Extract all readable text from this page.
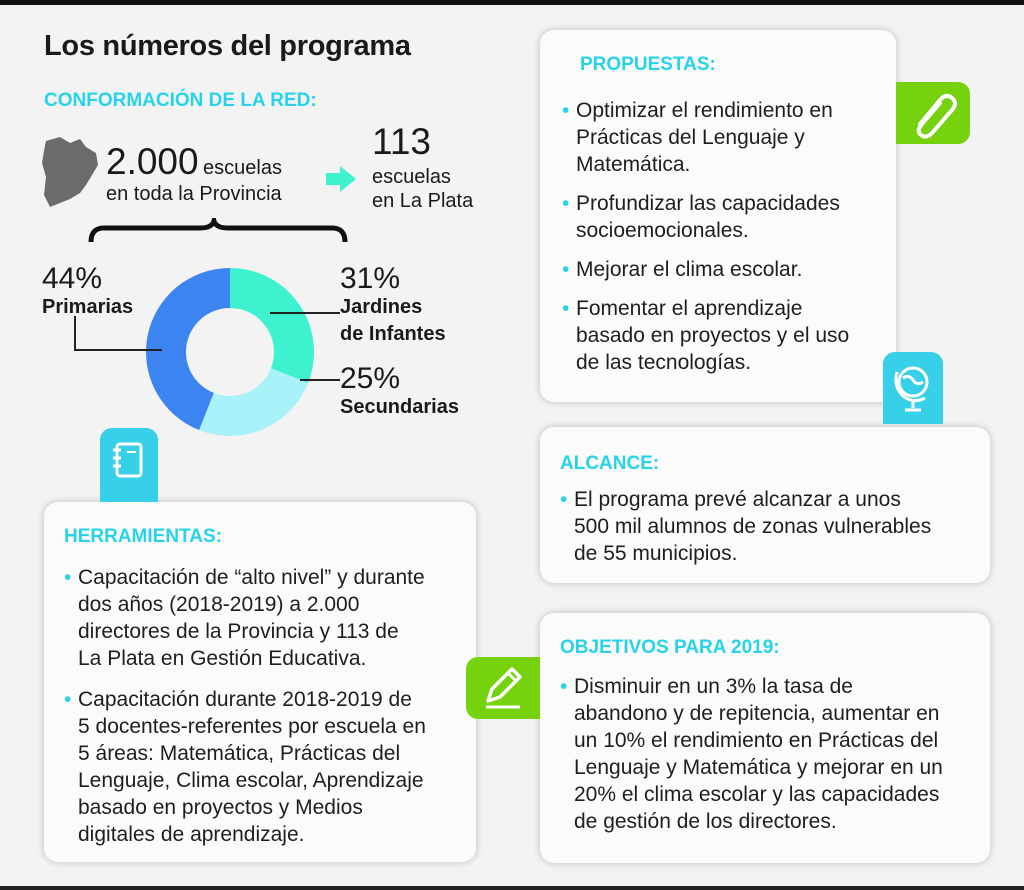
Los números del programa
CONFORMACIÓN DE LA RED:
2.000 escuelas
en toda la Provincia
113
escuelas
en La Plata
44%
Primarias
31%
Jardines
de Infantes
25%
Secundarias
PROPUESTAS:
• Optimizar el rendimiento en
Prácticas del Lenguaje y
Matemática.
• Profundizar las capacidades
socioemocionales.
• Mejorar el clima escolar.
• Fomentar el aprendizaje
basado en proyectos y el uso
de las tecnologías.
ALCANCE:
• El programa prevé alcanzar a unos
500 mil alumnos de zonas vulnerables
de 55 municipios.
HERRAMIENTAS:
• Capacitación de “alto nivel” y durante
dos años (2018-2019) a 2.000
directores de la Provincia y 113 de
La Plata en Gestión Educativa.
• Capacitación durante 2018-2019 de
5 docentes-referentes por escuela en
5 áreas: Matemática, Prácticas del
Lenguaje, Clima escolar, Aprendizaje
basado en proyectos y Medios
digitales de aprendizaje.
OBJETIVOS PARA 2019:
• Disminuir en un 3% la tasa de
abandono y de repitencia, aumentar en
un 10% el rendimiento en Prácticas del
Lenguaje y Matemática y mejorar en un
20% el clima escolar y las capacidades
de gestión de los directores.
